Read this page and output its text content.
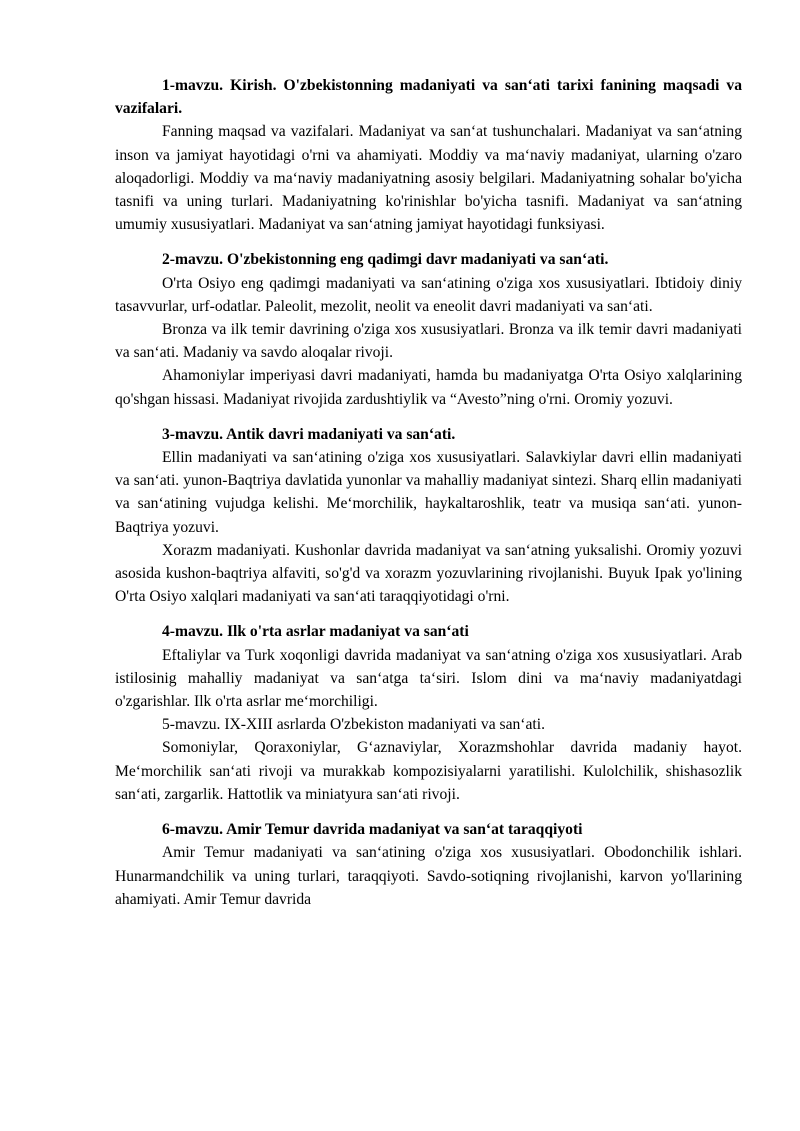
1-mavzu. Kirish. O'zbekistonning madaniyati va san‘ati tarixi fanining maqsadi va vazifalari.

Fanning maqsad va vazifalari. Madaniyat va san‘at tushunchalari. Madaniyat va san‘atning inson va jamiyat hayotidagi o'rni va ahamiyati. Moddiy va ma‘naviy madaniyat, ularning o'zaro aloqadorligi. Moddiy va ma‘naviy madaniyatning asosiy belgilari. Madaniyatning sohalar bo'yicha tasnifi va uning turlari. Madaniyatning ko'rinishlar bo'yicha tasnifi. Madaniyat va san‘atning umumiy xususiyatlari. Madaniyat va san‘atning jamiyat hayotidagi funksiyasi.

2-mavzu. O'zbekistonning eng qadimgi davr madaniyati va san‘ati.

O'rta Osiyo eng qadimgi madaniyati va san‘atining o'ziga xos xususiyatlari. Ibtidoiy diniy tasavvurlar, urf-odatlar. Paleolit, mezolit, neolit va eneolit davri madaniyati va san‘ati.

Bronza va ilk temir davrining o'ziga xos xususiyatlari. Bronza va ilk temir davri madaniyati va san‘ati. Madaniy va savdo aloqalar rivoji.

Ahamoniylar imperiyasi davri madaniyati, hamda bu madaniyatga O'rta Osiyo xalqlarining qo'shgan hissasi. Madaniyat rivojida zardushtiylik va “Avesto”ning o'rni. Oromiy yozuvi.

3-mavzu. Antik davri madaniyati va san‘ati.

Ellin madaniyati va san‘atining o'ziga xos xususiyatlari. Salavkiylar davri ellin madaniyati va san‘ati. yunon-Baqtriya davlatida yunonlar va mahalliy madaniyat sintezi. Sharq ellin madaniyati va san‘atining vujudga kelishi. Me‘morchilik, haykaltaroshlik, teatr va musiqa san‘ati. yunon-Baqtriya yozuvi.

Xorazm madaniyati. Kushonlar davrida madaniyat va san‘atning yuksalishi. Oromiy yozuvi asosida kushon-baqtriya alfaviti, so'g'd va xorazm yozuvlarining rivojlanishi. Buyuk Ipak yo'lining O'rta Osiyo xalqlari madaniyati va san‘ati taraqqiyotidagi o'rni.

4-mavzu. Ilk o'rta asrlar madaniyat va san‘ati

Eftaliylar va Turk xoqonligi davrida madaniyat va san‘atning o'ziga xos xususiyatlari. Arab istilosinig mahalliy madaniyat va san‘atga ta‘siri. Islom dini va ma‘naviy madaniyatdagi o'zgarishlar. Ilk o'rta asrlar me‘morchiligi.

5-mavzu. IX-XIII asrlarda O'zbekiston madaniyati va san‘ati.

Somoniylar, Qoraxoniylar, G‘aznaviylar, Xorazmshohlar davrida madaniy hayot. Me‘morchilik san‘ati rivoji va murakkab kompozisiyalarni yaratilishi. Kulolchilik, shishasozlik san‘ati, zargarlik. Hattotlik va miniatyura san‘ati rivoji.

6-mavzu. Amir Temur davrida madaniyat va san‘at taraqqiyoti

Amir Temur madaniyati va san‘atining o'ziga xos xususiyatlari. Obodonchilik ishlari. Hunarmandchilik va uning turlari, taraqqiyoti. Savdo-sotiqning rivojlanishi, karvon yo'llarining ahamiyati. Amir Temur davrida
